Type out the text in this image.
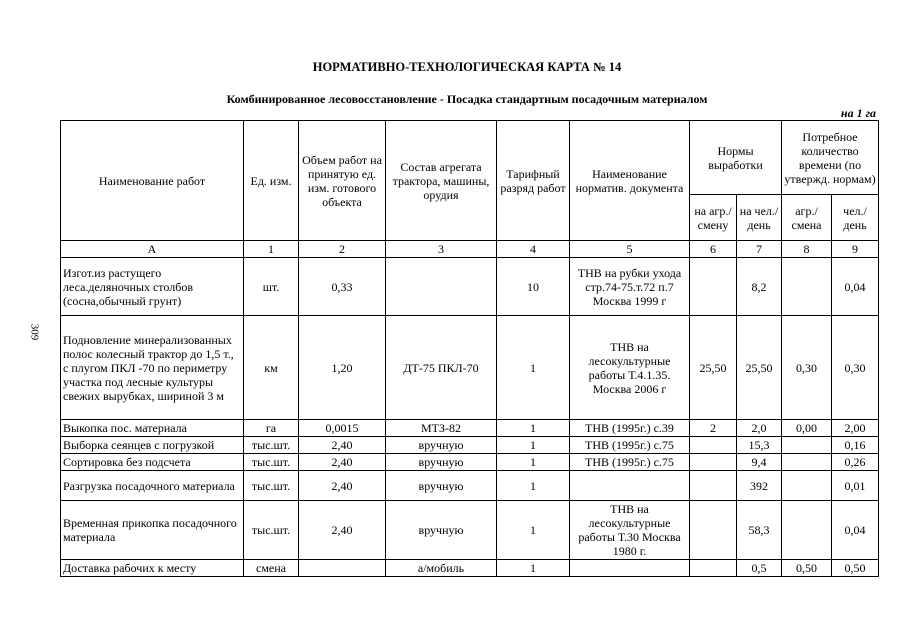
НОРМАТИВНО-ТЕХНОЛОГИЧЕСКАЯ КАРТА № 14
Комбинированное лесовосстановление - Посадка стандартным посадочным материалом
на 1 га
309
Наименование работ	Ед. изм.	Объем работ на принятую ед. изм. готового объекта	Состав агрегата трактора, машины, орудия	Тарифный разряд работ	Наименование норматив. документа	Нормы выработки		Потребное количество времени (по утвержд. нормам)	
						на агр./ смену	на чел./ день	агр./ смена	чел./ день
А	1	2	3	4	5	6	7	8	9
Изгот.из растущего леса.деляночных столбов (сосна,обычный грунт)	шт.	0,33		10	ТНВ на рубки ухода стр.74-75.т.72 п.7 Москва 1999 г		8,2		0,04
Подновление минерализованных полос колесный трактор до 1,5 т., с плугом ПКЛ -70 по периметру участка под лесные культуры свежих вырубках, шириной 3 м	км	1,20	ДТ-75 ПКЛ-70	1	ТНВ на лесокультурные работы Т.4.1.35. Москва 2006 г	25,50	25,50	0,30	0,30
Выкопка пос. материала	га	0,0015	МТЗ-82	1	ТНВ (1995г.) с.39	2	2,0	0,00	2,00
Выборка сеянцев с погрузкой	тыс.шт.	2,40	вручную	1	ТНВ (1995г.) с.75		15,3		0,16
Сортировка без подсчета	тыс.шт.	2,40	вручную	1	ТНВ (1995г.) с.75		9,4		0,26
Разгрузка посадочного материала	тыс.шт.	2,40	вручную	1			392		0,01
Временная прикопка посадочного материала	тыс.шт.	2,40	вручную	1	ТНВ на лесокультурные работы Т.30 Москва 1980 г.		58,3		0,04
Доставка рабочих к месту	смена		а/мобиль	1			0,5	0,50	0,50
